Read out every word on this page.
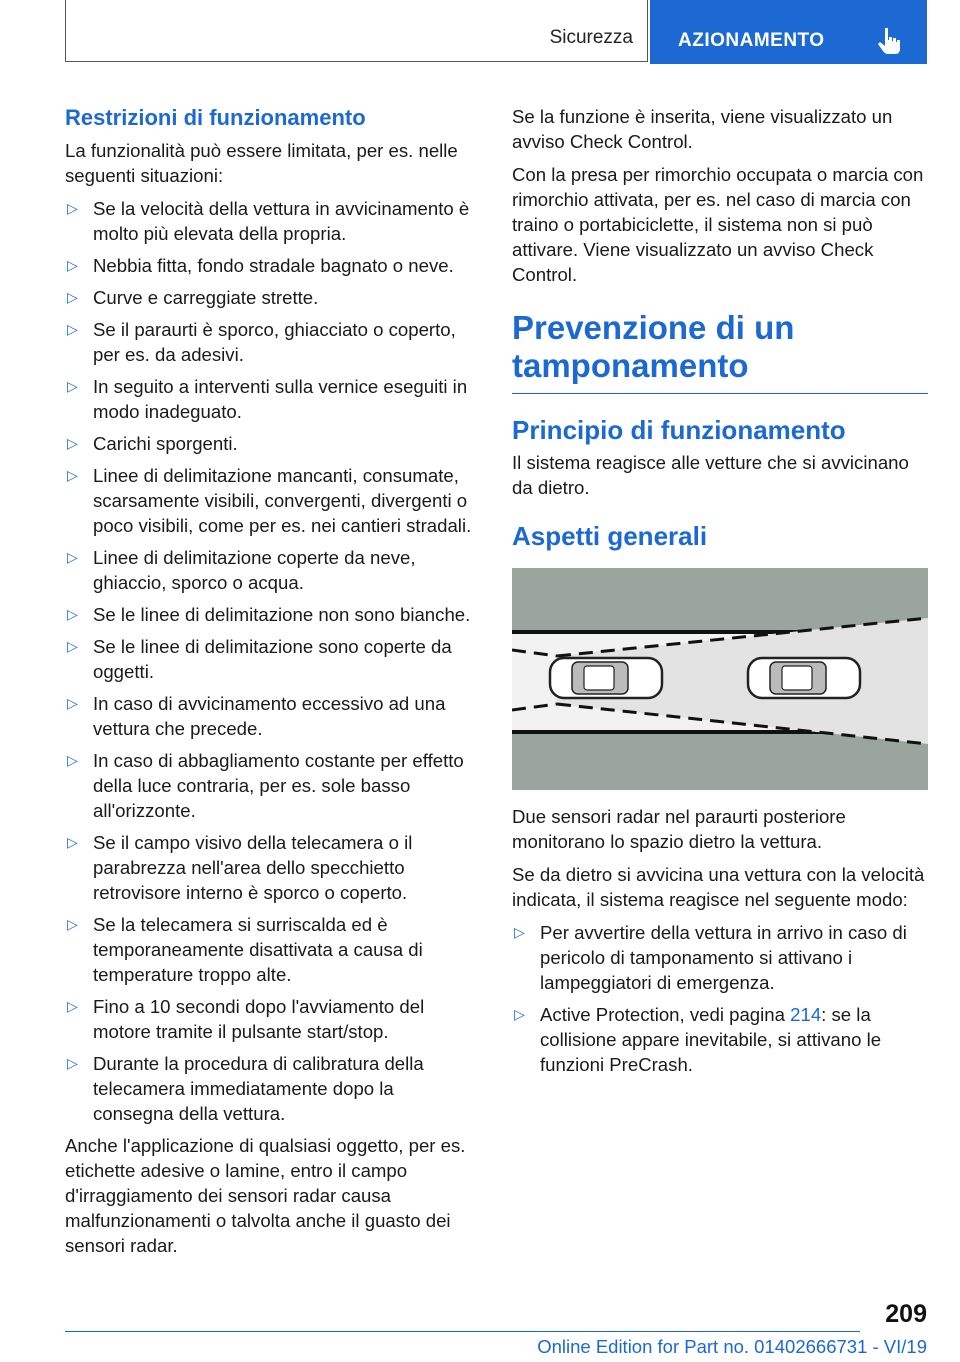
Sicurezza AZIONAMENTO
Restrizioni di funzionamento

La funzionalità può essere limitata, per es. nelle seguenti situazioni:

▷ Se la velocità della vettura in avvicinamento è molto più elevata della propria.
▷ Nebbia fitta, fondo stradale bagnato o neve.
▷ Curve e carreggiate strette.
▷ Se il paraurti è sporco, ghiacciato o coperto, per es. da adesivi.
▷ In seguito a interventi sulla vernice eseguiti in modo inadeguato.
▷ Carichi sporgenti.
▷ Linee di delimitazione mancanti, consumate, scarsamente visibili, convergenti, divergenti o poco visibili, come per es. nei cantieri stradali.
▷ Linee di delimitazione coperte da neve, ghiaccio, sporco o acqua.
▷ Se le linee di delimitazione non sono bianche.
▷ Se le linee di delimitazione sono coperte da oggetti.
▷ In caso di avvicinamento eccessivo ad una vettura che precede.
▷ In caso di abbagliamento costante per effetto della luce contraria, per es. sole basso all'orizzonte.
▷ Se il campo visivo della telecamera o il parabrezza nell'area dello specchietto retrovisore interno è sporco o coperto.
▷ Se la telecamera si surriscalda ed è temporaneamente disattivata a causa di temperature troppo alte.
▷ Fino a 10 secondi dopo l'avviamento del motore tramite il pulsante start/stop.
▷ Durante la procedura di calibratura della telecamera immediatamente dopo la consegna della vettura.

Anche l'applicazione di qualsiasi oggetto, per es. etichette adesive o lamine, entro il campo d'irraggiamento dei sensori radar causa malfunzionamenti o talvolta anche il guasto dei sensori radar.

Se la funzione è inserita, viene visualizzato un avviso Check Control.

Con la presa per rimorchio occupata o marcia con rimorchio attivata, per es. nel caso di marcia con traino o portabiciclette, il sistema non si può attivare. Viene visualizzato un avviso Check Control.

Prevenzione di un tamponamento
Principio di funzionamento

Il sistema reagisce alle vetture che si avvicinano da dietro.

Aspetti generali

Due sensori radar nel paraurti posteriore monitorano lo spazio dietro la vettura.

Se da dietro si avvicina una vettura con la velocità indicata, il sistema reagisce nel seguente modo:

▷ Per avvertire della vettura in arrivo in caso di pericolo di tamponamento si attivano i lampeggiatori di emergenza.
▷ Active Protection, vedi pagina 214: se la collisione appare inevitabile, si attivano le funzioni PreCrash.
209
Online Edition for Part no. 01402666731 - VI/19
